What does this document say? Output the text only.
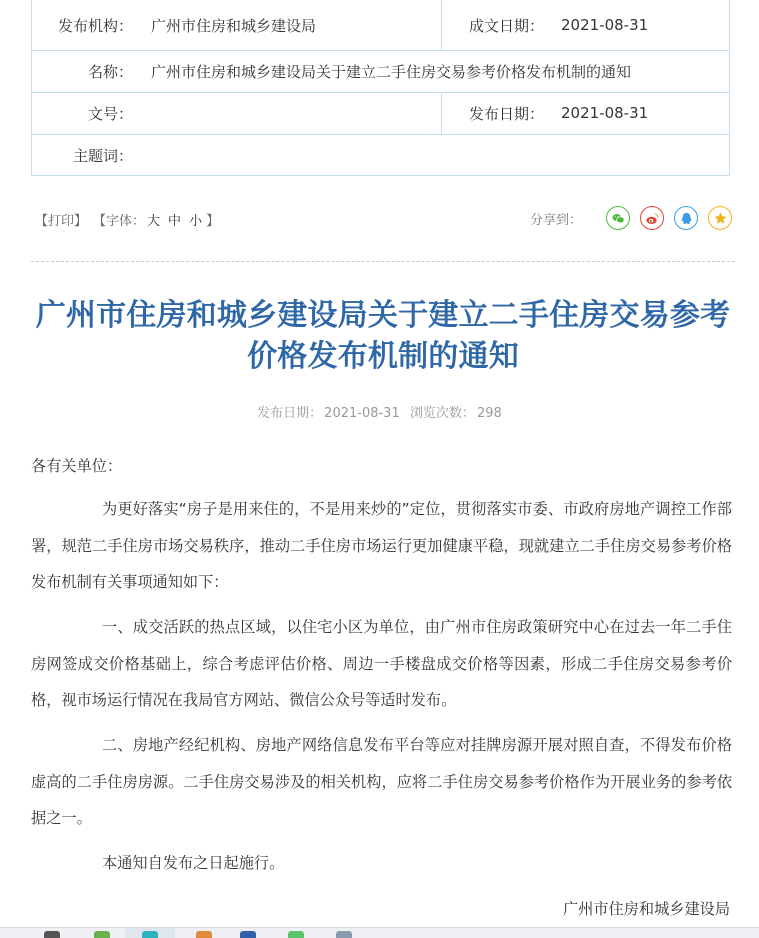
发布机构： 广州市住房和城乡建设局	成文日期： 2021-08-31
名称： 广州市住房和城乡建设局关于建立二手住房交易参考价格发布机制的通知
文号：	发布日期： 2021-08-31
主题词：
【打印】 【字体： 大 中 小 】	分享到：
广州市住房和城乡建设局关于建立二手住房交易参考价格发布机制的通知
发布日期： 2021-08-31 浏览次数： 298
各有关单位：
为更好落实“房子是用来住的，不是用来炒的”定位，贯彻落实市委、市政府房地产调控工作部署，规范二手住房市场交易秩序，推动二手住房市场运行更加健康平稳，现就建立二手住房交易参考价格发布机制有关事项通知如下：
一、成交活跃的热点区域，以住宅小区为单位，由广州市住房政策研究中心在过去一年二手住房网签成交价格基础上，综合考虑评估价格、周边一手楼盘成交价格等因素，形成二手住房交易参考价格，视市场运行情况在我局官方网站、微信公众号等适时发布。
二、房地产经纪机构、房地产网络信息发布平台等应对挂牌房源开展对照自查，不得发布价格虚高的二手住房房源。二手住房交易涉及的相关机构，应将二手住房交易参考价格作为开展业务的参考依据之一。
本通知自发布之日起施行。
广州市住房和城乡建设局
